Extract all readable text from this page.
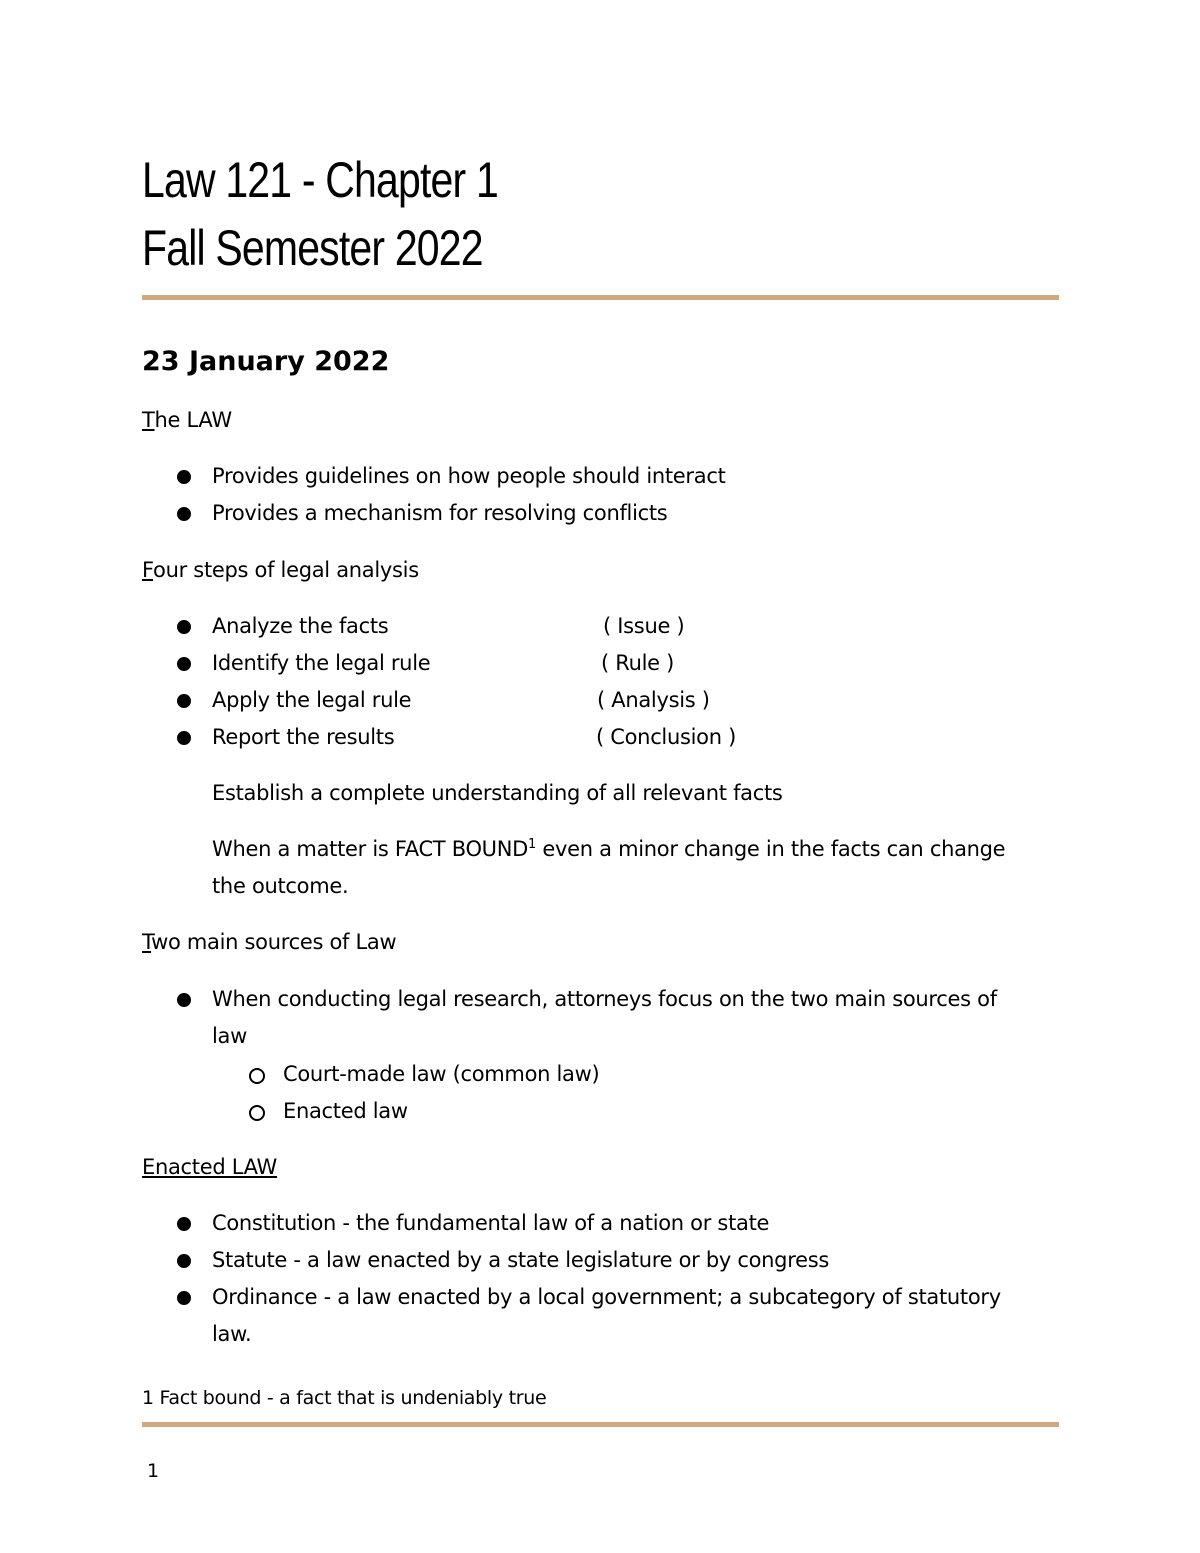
Law 121 - Chapter 1
Fall Semester 2022
23 January 2022
The LAW
Provides guidelines on how people should interact
Provides a mechanism for resolving conflicts
Four steps of legal analysis
Analyze the facts	( Issue )
Identify the legal rule	( Rule )
Apply the legal rule	( Analysis )
Report the results	( Conclusion )
Establish a complete understanding of all relevant facts
When a matter is FACT BOUND$^1$ even a minor change in the facts can change
the outcome.
Two main sources of Law
When conducting legal research, attorneys focus on the two main sources of
law
Court-made law (common law)
Enacted law
Enacted LAW
Constitution - the fundamental law of a nation or state
Statute - a law enacted by a state legislature or by congress
Ordinance - a law enacted by a local government; a subcategory of statutory
law.
1 Fact bound - a fact that is undeniably true
1
